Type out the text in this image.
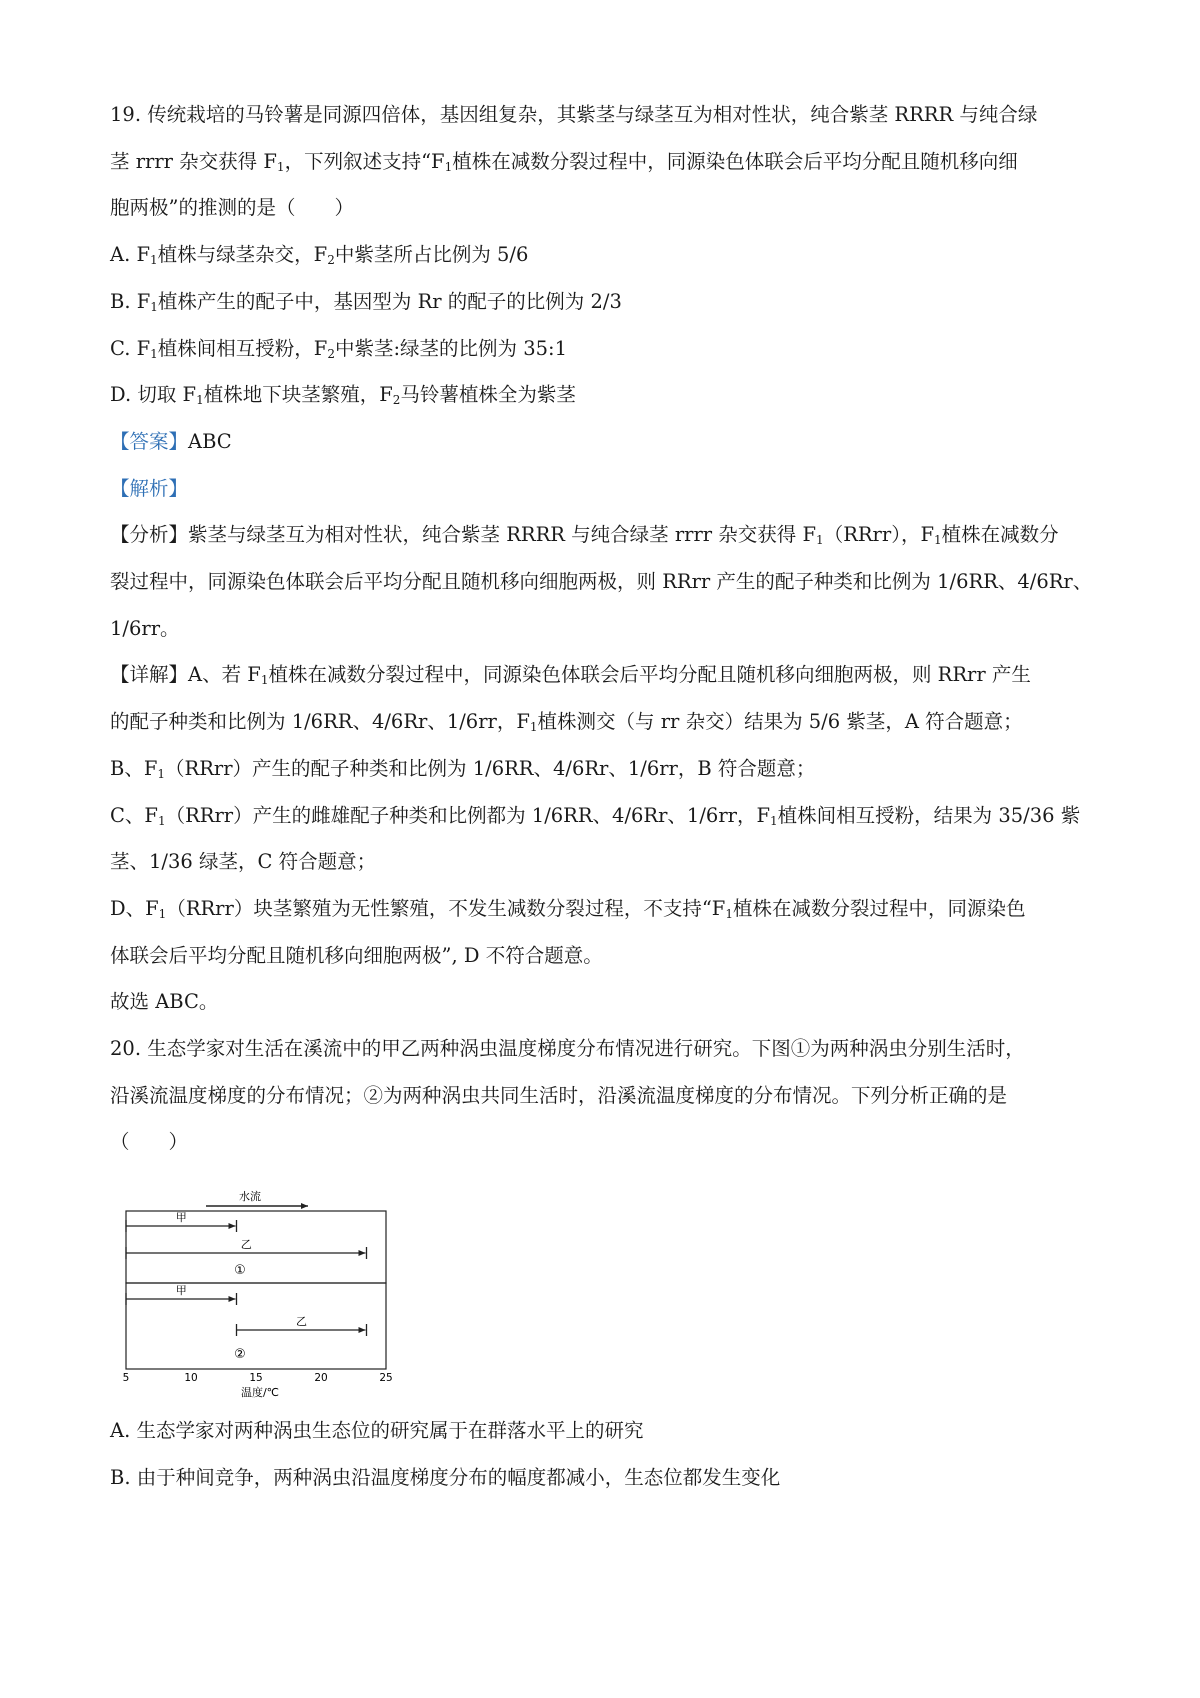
19. 传统栽培的马铃薯是同源四倍体，基因组复杂，其紫茎与绿茎互为相对性状，纯合紫茎 RRRR 与纯合绿
茎 rrrr 杂交获得 $F_1$，下列叙述支持“$F_1$植株在减数分裂过程中，同源染色体联会后平均分配且随机移向细
胞两极”的推测的是（　　）
A. $F_1$植株与绿茎杂交，$F_2$中紫茎所占比例为 5/6
B. $F_1$植株产生的配子中，基因型为 Rr 的配子的比例为 2/3
C. $F_1$植株间相互授粉，$F_2$中紫茎:绿茎的比例为 35:1
D. 切取 $F_1$植株地下块茎繁殖，$F_2$马铃薯植株全为紫茎
【答案】ABC
【解析】
【分析】紫茎与绿茎互为相对性状，纯合紫茎 RRRR 与纯合绿茎 rrrr 杂交获得 $F_1(RRrr)$，$F_1$植株在减数分
裂过程中，同源染色体联会后平均分配且随机移向细胞两极，则 RRrr 产生的配子种类和比例为 1/6RR、4/6Rr、
1/6rr。
【详解】A、若 $F_1$植株在减数分裂过程中，同源染色体联会后平均分配且随机移向细胞两极，则 RRrr 产生
的配子种类和比例为 1/6RR、4/6Rr、1/6rr，$F_1$植株测交（与 rr 杂交）结果为 5/6 紫茎，A 符合题意；
B、$F_1(RRrr)$产生的配子种类和比例为 1/6RR、4/6Rr、1/6rr，B 符合题意；
C、$F_1(RRrr)$产生的雌雄配子种类和比例都为 1/6RR、4/6Rr、1/6rr，$F_1$植株间相互授粉，结果为 35/36 紫
茎、1/36 绿茎，C 符合题意；
D、$F_1(RRrr)$块茎繁殖为无性繁殖，不发生减数分裂过程，不支持“$F_1$植株在减数分裂过程中，同源染色
体联会后平均分配且随机移向细胞两极”, D 不符合题意。
故选 ABC。
20. 生态学家对生活在溪流中的甲乙两种涡虫温度梯度分布情况进行研究。下图①为两种涡虫分别生活时，
沿溪流温度梯度的分布情况；②为两种涡虫共同生活时，沿溪流温度梯度的分布情况。下列分析正确的是
（　　）
水流
甲
乙
甲
乙
5	10	15	20	25
①
②
温度/℃
A. 生态学家对两种涡虫生态位的研究属于在群落水平上的研究
B. 由于种间竞争，两种涡虫沿温度梯度分布的幅度都减小，生态位都发生变化
